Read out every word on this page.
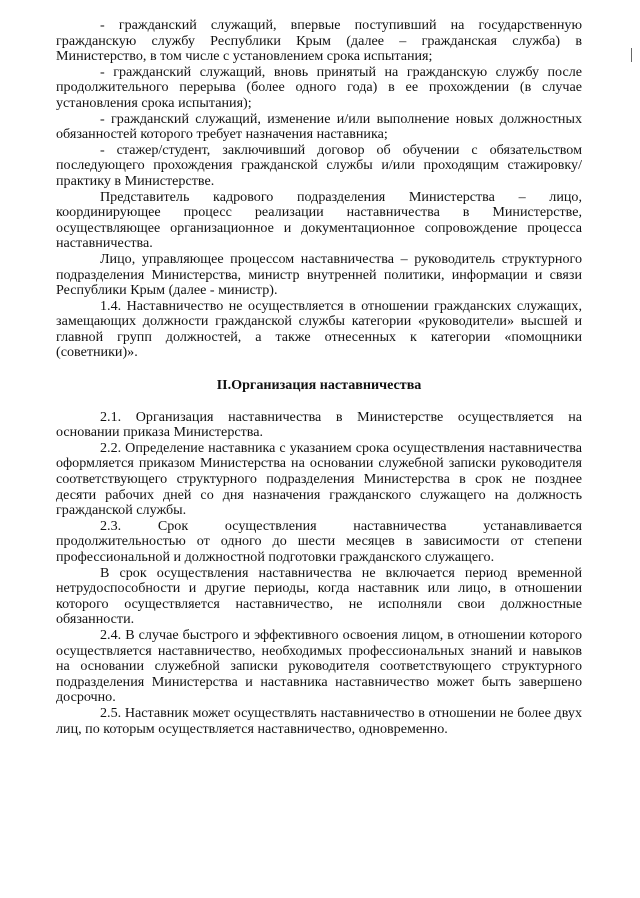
- гражданский служащий, впервые поступивший на государственную гражданскую службу Республики Крым (далее – гражданская служба) в Министерство, в том числе с установлением срока испытания;

- гражданский служащий, вновь принятый на гражданскую службу после продолжительного перерыва (более одного года) в ее прохождении (в случае установления срока испытания);

- гражданский служащий, изменение и/или выполнение новых должностных обязанностей которого требует назначения наставника;

- стажер/студент, заключивший договор об обучении с обязательством последующего прохождения гражданской службы и/или проходящим стажировку/практику в Министерстве.

Представитель кадрового подразделения Министерства – лицо, координирующее процесс реализации наставничества в Министерстве, осуществляющее организационное и документационное сопровождение процесса наставничества.

Лицо, управляющее процессом наставничества – руководитель структурного подразделения Министерства, министр внутренней политики, информации и связи Республики Крым (далее - министр).

1.4. Наставничество не осуществляется в отношении гражданских служащих, замещающих должности гражданской службы категории «руководители» высшей и главной групп должностей, а также отнесенных к категории «помощники (советники)».

II.Организация наставничества

2.1. Организация наставничества в Министерстве осуществляется на основании приказа Министерства.

2.2. Определение наставника с указанием срока осуществления наставничества оформляется приказом Министерства на основании служебной записки руководителя соответствующего структурного подразделения Министерства в срок не позднее десяти рабочих дней со дня назначения гражданского служащего на должность гражданской службы.

2.3. Срок осуществления наставничества устанавливается продолжительностью от одного до шести месяцев в зависимости от степени профессиональной и должностной подготовки гражданского служащего.

В срок осуществления наставничества не включается период временной нетрудоспособности и другие периоды, когда наставник или лицо, в отношении которого осуществляется наставничество, не исполняли свои должностные обязанности.

2.4. В случае быстрого и эффективного освоения лицом, в отношении которого осуществляется наставничество, необходимых профессиональных знаний и навыков на основании служебной записки руководителя соответствующего структурного подразделения Министерства и наставника наставничество может быть завершено досрочно.

2.5. Наставник может осуществлять наставничество в отношении не более двух лиц, по которым осуществляется наставничество, одновременно.
